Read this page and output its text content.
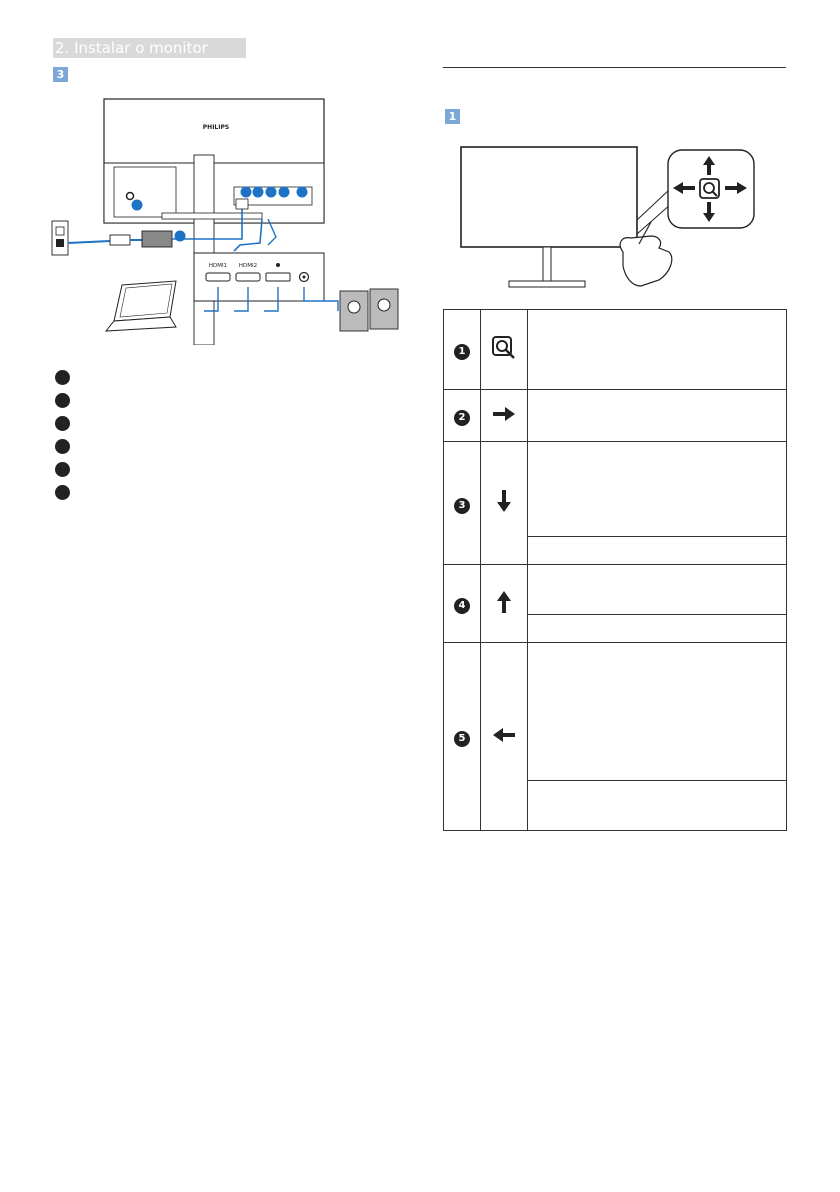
2. Instalar o monitor
3
PHILIPS
HDMI1 HDMI2
1
1		
2		
3		

4		

5		
